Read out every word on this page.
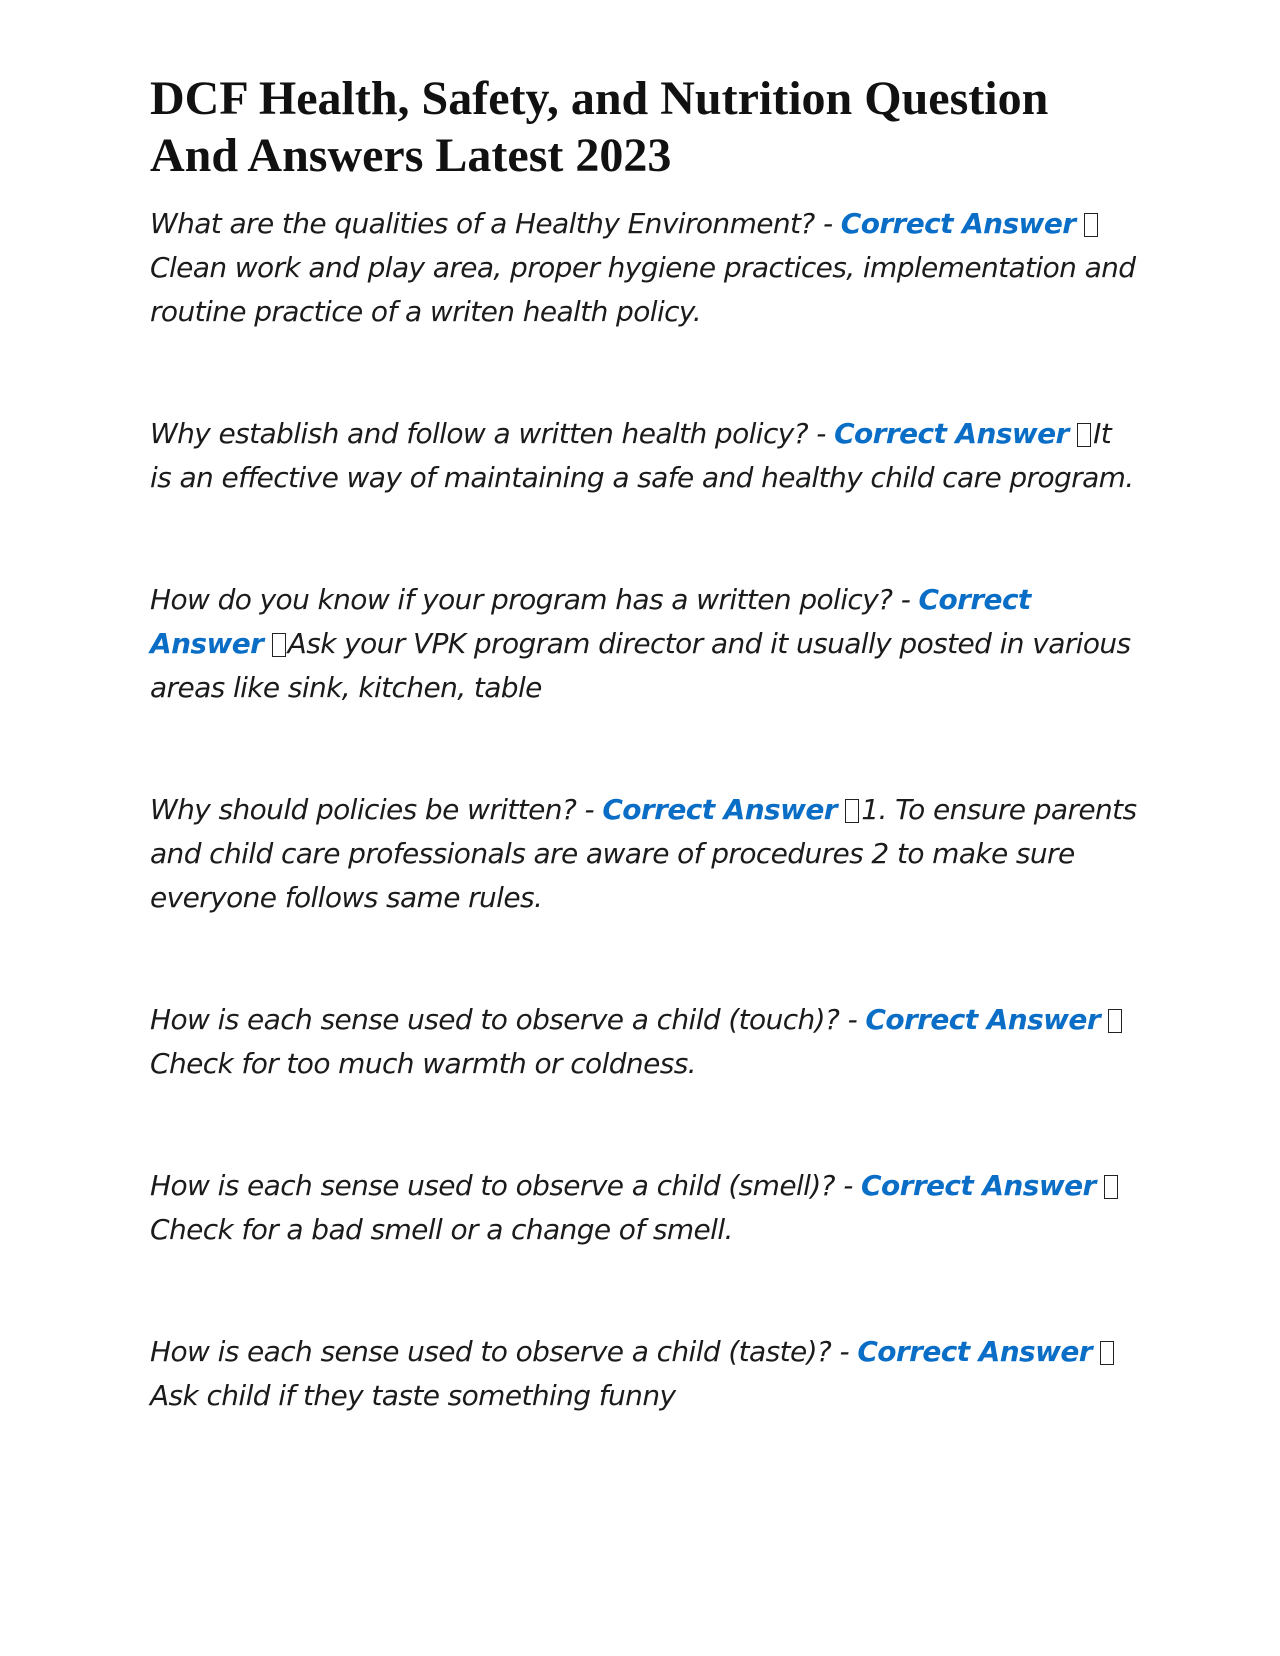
DCF Health, Safety, and Nutrition Question And Answers Latest 2023

What are the qualities of a Healthy Environment? - Correct Answer Clean work and play area, proper hygiene practices, implementation and routine practice of a writen health policy.

Why establish and follow a written health policy? - Correct Answer It is an effective way of maintaining a safe and healthy child care program.

How do you know if your program has a written policy? - Correct Answer Ask your VPK program director and it usually posted in various areas like sink, kitchen, table

Why should policies be written? - Correct Answer 1. To ensure parents and child care professionals are aware of procedures 2 to make sure everyone follows same rules.

How is each sense used to observe a child (touch)? - Correct Answer Check for too much warmth or coldness.

How is each sense used to observe a child (smell)? - Correct Answer Check for a bad smell or a change of smell.

How is each sense used to observe a child (taste)? - Correct Answer Ask child if they taste something funny
